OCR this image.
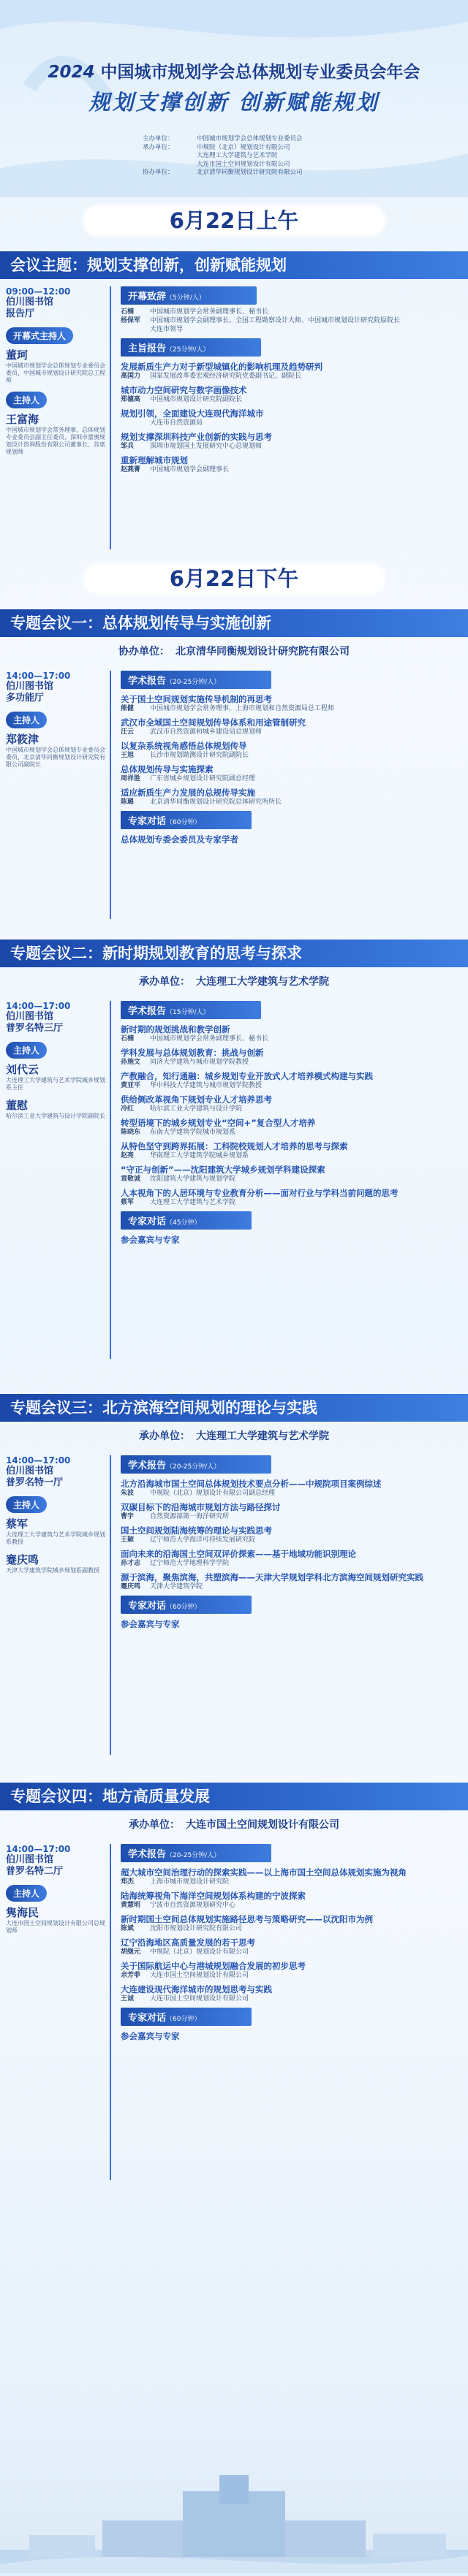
2024 中国城市规划学会总体规划专业委员会年会
规划支撑创新 创新赋能规划
主办单位：	中国城市规划学会总体规划专业委员会
承办单位：	中规院（北京）规划设计有限公司
大连理工大学建筑与艺术学院
大连市国土空间规划设计有限公司
协办单位：	北京清华同衡规划设计研究院有限公司
6月22日上午
会议主题：规划支撑创新，创新赋能规划
09:00—12:00
伯川图书馆
报告厅
开幕式主持人
董珂
中国城市规划学会总体规划专业委员会委员，中国城市规划设计研究院总工程师
主持人
王富海
中国城市规划学会常务理事、总体规划专业委员会副主任委员，深圳市蕾奥规划设计咨询股份有限公司董事长、首席规划师
开幕致辞（5分钟/人）
石楠 中国城市规划学会常务副理事长、秘书长
杨保军 中国城市规划学会副理事长、全国工程勘察设计大师、中国城市规划设计研究院原院长
大连市领导
主旨报告（25分钟/人）
发展新质生产力对于新型城镇化的影响机理及趋势研判
高国力 国家发展改革委宏观经济研究院党委副书记、副院长
城市动力空间研究与数字画像技术
郑德高 中国城市规划设计研究院副院长
规划引领，全面建设大连现代海洋城市
大连市自然资源局
规划支撑深圳科技产业创新的实践与思考
邹兵 深圳市规划国土发展研究中心总规划师
重新理解城市规划
赵燕菁 中国城市规划学会副理事长
6月22日下午
专题会议一：总体规划传导与实施创新
协办单位： 北京清华同衡规划设计研究院有限公司
14:00—17:00
伯川图书馆
多功能厅
主持人
郑筱津
中国城市规划学会总体规划专业委员会委员，北京清华同衡规划设计研究院有限公司副院长
学术报告（20-25分钟/人）
关于国土空间规划实施传导机制的再思考
熊健 中国城市规划学会常务理事，上海市规划和自然资源局总工程师
武汉市全域国土空间规划传导体系和用途管制研究
汪云 武汉市自然资源和城乡建设局总规划师
以复杂系统视角感悟总体规划传导
王旭 长沙市规划勘测设计研究院副院长
总体规划传导与实施探索
周祥胜 广东省城乡规划设计研究院副总经理
适应新质生产力发展的总规传导实施
陈璐 北京清华同衡规划设计研究院总体研究所所长
专家对话（60分钟）
总体规划专委会委员及专家学者
专题会议二：新时期规划教育的思考与探求
承办单位： 大连理工大学建筑与艺术学院
14:00—17:00
伯川图书馆
普罗名特三厅
主持人
刘代云
大连理工大学建筑与艺术学院城乡规划系主任
董慰
哈尔滨工业大学建筑与设计学院副院长
学术报告（15分钟/人）
新时期的规划挑战和教学创新
石楠 中国城市规划学会常务副理事长、秘书长
学科发展与总体规划教育：挑战与创新
孙施文 同济大学建筑与城市规划学院教授
产教融合，知行通融：城乡规划专业开放式人才培养模式构建与实践
黄亚平 华中科技大学建筑与城市规划学院教授
供给侧改革视角下规划专业人才培养思考
冷红 哈尔滨工业大学建筑与设计学院
转型语境下的城乡规划专业“空间+”复合型人才培养
陈晓东 东南大学建筑学院城市规划系
从特色坚守到跨界拓展：工科院校规划人才培养的思考与探索
赵亮 华南理工大学建筑学院城乡规划系
“守正与创新”——沈阳建筑大学城乡规划学科建设探索
袁敬诚 沈阳建筑大学建筑与规划学院
人本视角下的人居环境与专业教育分析——面对行业与学科当前问题的思考
蔡军 大连理工大学建筑与艺术学院
专家对话（45分钟）
参会嘉宾与专家
专题会议三：北方滨海空间规划的理论与实践
承办单位： 大连理工大学建筑与艺术学院
14:00—17:00
伯川图书馆
普罗名特一厅
主持人
蔡军
大连理工大学建筑与艺术学院城乡规划系教授
蹇庆鸣
天津大学建筑学院城乡规划系副教授
学术报告（20-25分钟/人）
北方沿海城市国土空间总体规划技术要点分析——中规院项目案例综述
朱波 中规院（北京）规划设计有限公司副总经理
双碳目标下的沿海城市规划方法与路径探讨
曹宇 自然资源部第一海洋研究所
国土空间规划陆海统筹的理论与实践思考
王颖 辽宁师范大学海洋可持续发展研究院
面向未来的沿海国土空间双评价探索——基于地域功能识别理论
孙才志 辽宁师范大学地理科学学院
源于滨海，聚焦滨海，共塑滨海——天津大学规划学科北方滨海空间规划研究实践
蹇庆鸣 天津大学建筑学院
专家对话（60分钟）
参会嘉宾与专家
专题会议四：地方高质量发展
承办单位： 大连市国土空间规划设计有限公司
14:00—17:00
伯川图书馆
普罗名特二厅
主持人
隽海民
大连市国土空间规划设计有限公司总规划师
学术报告（20-25分钟/人）
超大城市空间治理行动的探索实践——以上海市国土空间总体规划实施为视角
郑杰 上海市城市规划设计研究院
陆海统筹视角下海洋空间规划体系构建的宁波探索
黄慧明 宁波市自然资源规划研究中心
新时期国土空间总体规划实施路径思考与策略研究——以沈阳市为例
陈斌 沈阳市规划设计研究院有限公司
辽宁沿海地区高质量发展的若干思考
胡继元 中规院（北京）规划设计有限公司
关于国际航运中心与港城规划融合发展的初步思考
余芳菲 大连市国土空间规划设计有限公司
大连建设现代海洋城市的规划思考与实践
王诚 大连市国土空间规划设计有限公司
专家对话（60分钟）
参会嘉宾与专家
